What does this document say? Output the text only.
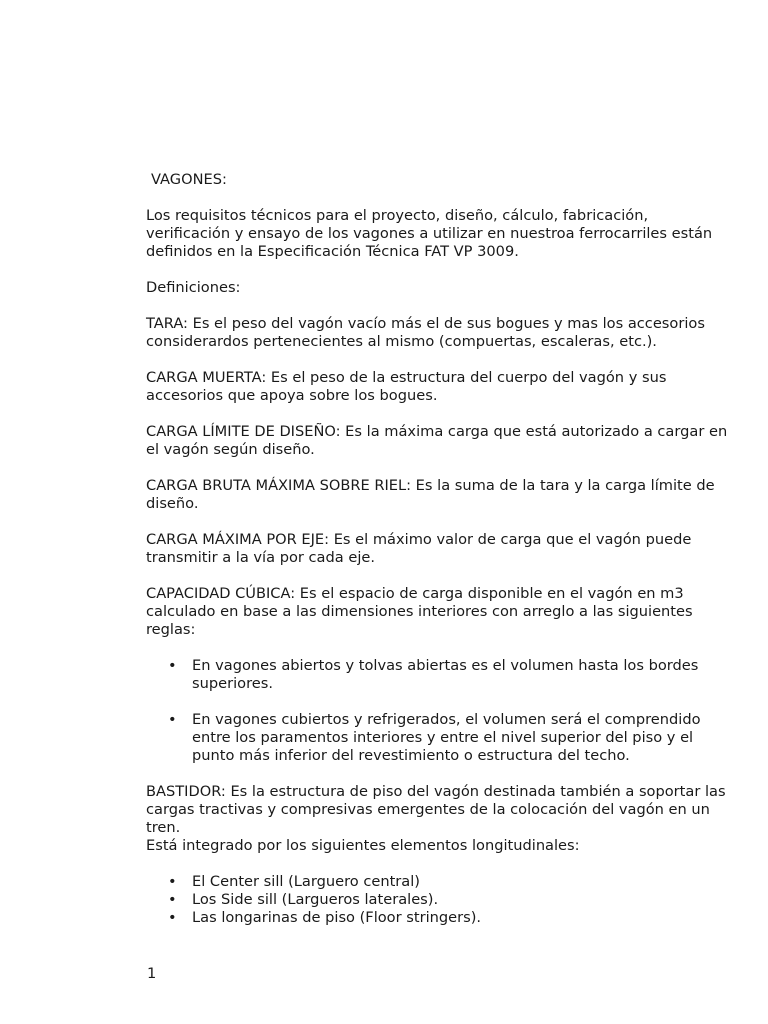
VAGONES:

Los requisitos técnicos para el proyecto, diseño, cálculo, fabricación, verificación y ensayo de los vagones a utilizar en nuestroa ferrocarriles están definidos en la Especificación Técnica FAT VP 3009.

Definiciones:

TARA: Es el peso del vagón vacío más el de sus bogues y mas los accesorios considerardos pertenecientes al mismo (compuertas, escaleras, etc.).

CARGA MUERTA: Es el peso de la estructura del cuerpo del vagón y sus accesorios que apoya sobre los bogues.

CARGA LÍMITE DE DISEÑO: Es la máxima carga que está autorizado a cargar en el vagón según diseño.

CARGA BRUTA MÁXIMA SOBRE RIEL: Es la suma de la tara y la carga límite de diseño.

CARGA MÁXIMA POR EJE: Es el máximo valor de carga que el vagón puede transmitir a la vía por cada eje.

CAPACIDAD CÚBICA: Es el espacio de carga disponible en el vagón en m3 calculado en base a las dimensiones interiores con arreglo a las siguientes reglas:

• En vagones abiertos y tolvas abiertas es el volumen hasta los bordes superiores.
• En vagones cubiertos y refrigerados, el volumen será el comprendido entre los paramentos interiores y entre el nivel superior del piso y el punto más inferior del revestimiento o estructura del techo.

BASTIDOR: Es la estructura de piso del vagón destinada también a soportar las cargas tractivas y compresivas emergentes de la colocación del vagón en un tren.

Está integrado por los siguientes elementos longitudinales:

• El Center sill (Larguero central)
• Los Side sill (Largueros laterales).
• Las longarinas de piso (Floor stringers).
1
